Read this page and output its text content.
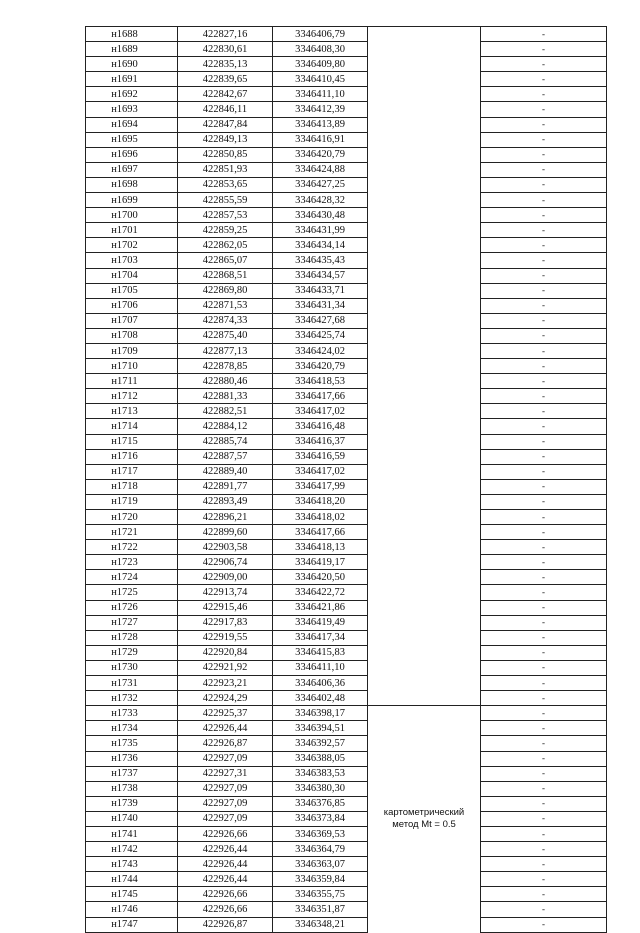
н1688	422827,16	3346406,79		-
н1689	422830,61	3346408,30		-
н1690	422835,13	3346409,80		-
н1691	422839,65	3346410,45		-
н1692	422842,67	3346411,10		-
н1693	422846,11	3346412,39		-
н1694	422847,84	3346413,89		-
н1695	422849,13	3346416,91		-
н1696	422850,85	3346420,79		-
н1697	422851,93	3346424,88		-
н1698	422853,65	3346427,25		-
н1699	422855,59	3346428,32		-
н1700	422857,53	3346430,48		-
н1701	422859,25	3346431,99		-
н1702	422862,05	3346434,14		-
н1703	422865,07	3346435,43		-
н1704	422868,51	3346434,57		-
н1705	422869,80	3346433,71		-
н1706	422871,53	3346431,34		-
н1707	422874,33	3346427,68		-
н1708	422875,40	3346425,74		-
н1709	422877,13	3346424,02		-
н1710	422878,85	3346420,79		-
н1711	422880,46	3346418,53		-
н1712	422881,33	3346417,66		-
н1713	422882,51	3346417,02		-
н1714	422884,12	3346416,48		-
н1715	422885,74	3346416,37		-
н1716	422887,57	3346416,59		-
н1717	422889,40	3346417,02		-
н1718	422891,77	3346417,99		-
н1719	422893,49	3346418,20		-
н1720	422896,21	3346418,02		-
н1721	422899,60	3346417,66		-
н1722	422903,58	3346418,13		-
н1723	422906,74	3346419,17		-
н1724	422909,00	3346420,50		-
н1725	422913,74	3346422,72		-
н1726	422915,46	3346421,86		-
н1727	422917,83	3346419,49		-
н1728	422919,55	3346417,34		-
н1729	422920,84	3346415,83		-
н1730	422921,92	3346411,10		-
н1731	422923,21	3346406,36		-
н1732	422924,29	3346402,48		-
н1733	422925,37	3346398,17	картометрический
метод Mt = 0.5	-
н1734	422926,44	3346394,51		-
н1735	422926,87	3346392,57		-
н1736	422927,09	3346388,05		-
н1737	422927,31	3346383,53		-
н1738	422927,09	3346380,30		-
н1739	422927,09	3346376,85		-
н1740	422927,09	3346373,84		-
н1741	422926,66	3346369,53		-
н1742	422926,44	3346364,79		-
н1743	422926,44	3346363,07		-
н1744	422926,44	3346359,84		-
н1745	422926,66	3346355,75		-
н1746	422926,66	3346351,87		-
н1747	422926,87	3346348,21		-
